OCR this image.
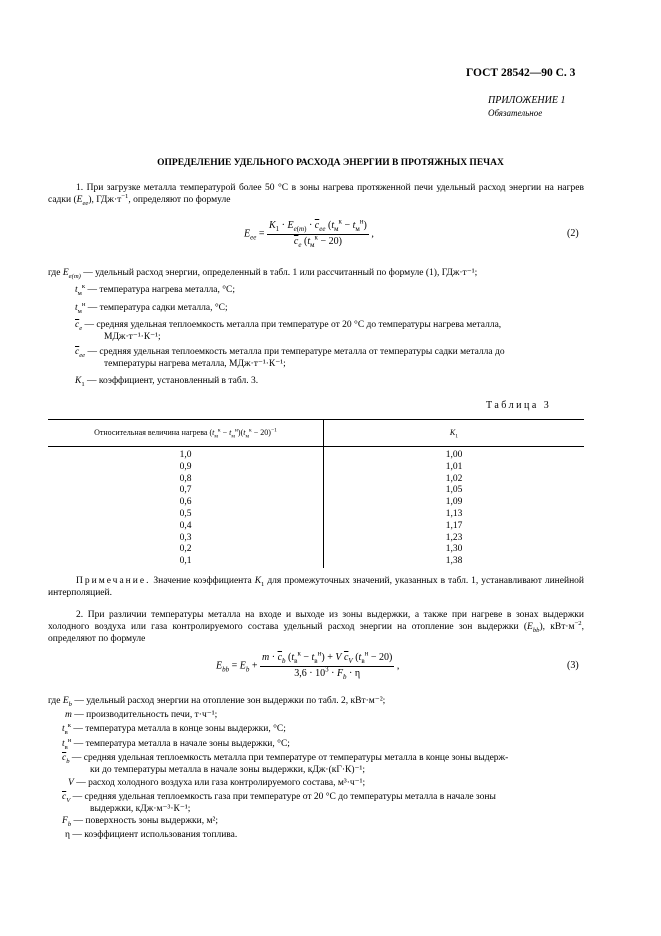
ГОСТ 28542—90 С. 3
ПРИЛОЖЕНИЕ 1
Обязательное
ОПРЕДЕЛЕНИЕ УДЕЛЬНОГО РАСХОДА ЭНЕРГИИ В ПРОТЯЖНЫХ ПЕЧАХ

1. При загрузке металла температурой более 50 °С в зоны нагрева протяженной печи удельный расход энергии на нагрев садки $(E_{ee})$, $ГДж\cdot т^{-1}$, определяют по формуле

$E_{ee} = \frac{K_1 \cdot E_{e(m)} \cdot \overline{c}_{ee} (t_м^к - t_м^н)}{\overline{c}_e (t_м^к - 20)}$ ,	(2)
где $E_{e(m)}$ — удельный расход энергии, определенный в табл. 1 или рассчитанный по формуле (1), ГДж·т⁻¹;
$t_м^к$ — температура нагрева металла, °С;
$t_м^н$ — температура садки металла, °С;
$\overline{c}_e$ — средняя удельная теплоемкость металла при температуре от 20 °С до температуры нагрева металла,
МДж·т⁻¹·К⁻¹;
$\overline{c}_{ee}$ — средняя удельная теплоемкость металла при температуре металла от температуры садки металла до
температуры нагрева металла, МДж·т⁻¹·К⁻¹;
$K_1$ — коэффициент, установленный в табл. 3.
Таблица 3
Относительная величина нагрева $(t_м^к - t_м^н)(t_м^к - 20)^{-1}$	$K_1$
1,0	1,00
0,9	1,01
0,8	1,02
0,7	1,05
0,6	1,09
0,5	1,13
0,4	1,17
0,3	1,23
0,2	1,30
0,1	1,38

Примечание. Значение коэффициента $K_1$ для промежуточных значений, указанных в табл. 1, устанавливают линейной интерполяцией.

2. При различии температуры металла на входе и выходе из зоны выдержки, а также при нагреве в зонах выдержки холодного воздуха или газа контролируемого состава удельный расход энергии на отопление зон выдержки $(E_{bb})$, $кВт\cdot м^{-2}$, определяют по формуле

$E_{bb} = E_b + \frac{m \cdot \overline{c}_b (t_в^к - t_в^н) + V \overline{c}_V (t_в^н - 20)}{3,6 \cdot 10^3 \cdot F_b \cdot \eta}$ ,	(3)
где $E_b$ — удельный расход энергии на отопление зон выдержки по табл. 2, кВт·м⁻²;
m — производительность печи, т·ч⁻¹;
$t_в^к$ — температура металла в конце зоны выдержки, °С;
$t_в^н$ — температура металла в начале зоны выдержки, °С;
$\overline{c}_b$ — средняя удельная теплоемкость металла при температуре от температуры металла в конце зоны выдерж-
ки до температуры металла в начале зоны выдержки, кДж·(кГ·К)⁻¹;
V — расход холодного воздуха или газа контролируемого состава, м³·ч⁻¹;
$\overline{c}_V$ — средняя удельная теплоемкость газа при температуре от 20 °С до температуры металла в начале зоны
выдержки, кДж·м⁻³·К⁻¹;
$F_b$ — поверхность зоны выдержки, м²;
η — коэффициент использования топлива.
